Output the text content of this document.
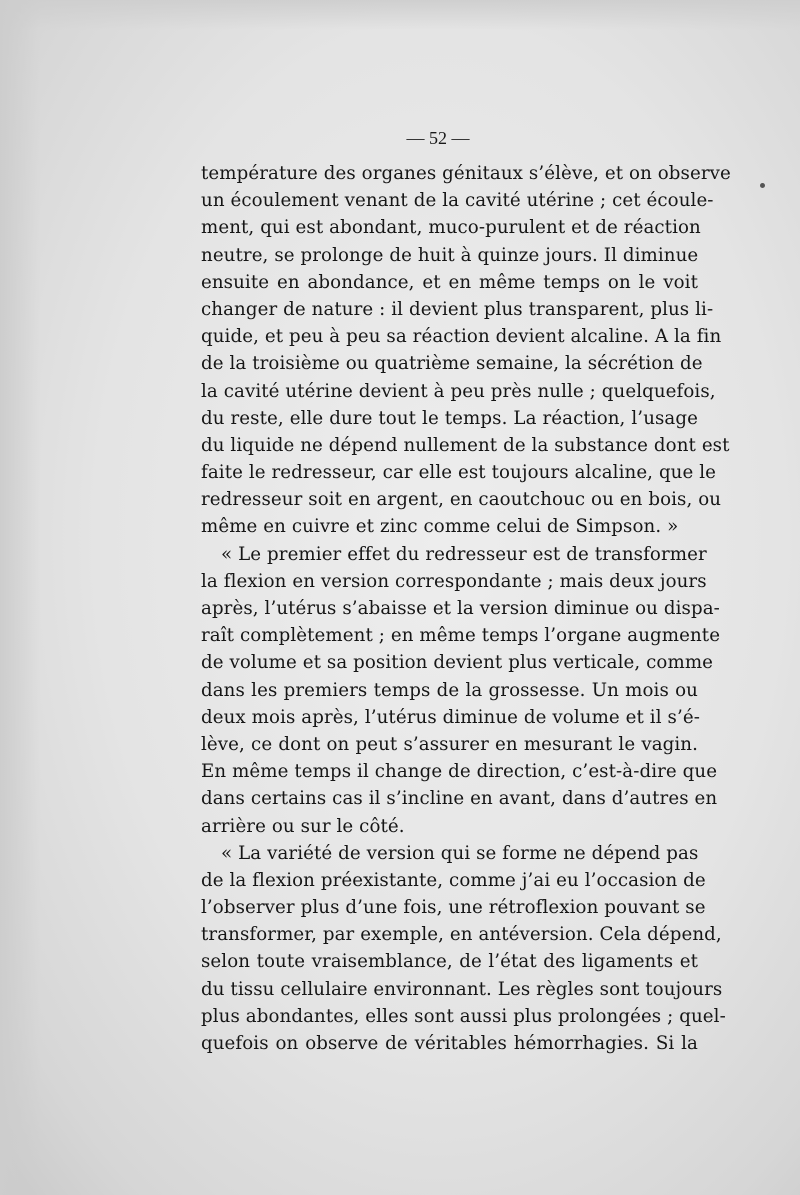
— 52 —
température des organes génitaux s’élève, et on observe
un écoulement venant de la cavité utérine ; cet écoule-
ment, qui est abondant, muco-purulent et de réaction
neutre, se prolonge de huit à quinze jours. Il diminue
ensuite en abondance, et en même temps on le voit
changer de nature : il devient plus transparent, plus li-
quide, et peu à peu sa réaction devient alcaline. A la fin
de la troisième ou quatrième semaine, la sécrétion de
la cavité utérine devient à peu près nulle ; quelquefois,
du reste, elle dure tout le temps. La réaction, l’usage
du liquide ne dépend nullement de la substance dont est
faite le redresseur, car elle est toujours alcaline, que le
redresseur soit en argent, en caoutchouc ou en bois, ou
même en cuivre et zinc comme celui de Simpson. »
« Le premier effet du redresseur est de transformer
la flexion en version correspondante ; mais deux jours
après, l’utérus s’abaisse et la version diminue ou dispa-
raît complètement ; en même temps l’organe augmente
de volume et sa position devient plus verticale, comme
dans les premiers temps de la grossesse. Un mois ou
deux mois après, l’utérus diminue de volume et il s’é-
lève, ce dont on peut s’assurer en mesurant le vagin.
En même temps il change de direction, c’est-à-dire que
dans certains cas il s’incline en avant, dans d’autres en
arrière ou sur le côté.
« La variété de version qui se forme ne dépend pas
de la flexion préexistante, comme j’ai eu l’occasion de
l’observer plus d’une fois, une rétroflexion pouvant se
transformer, par exemple, en antéversion. Cela dépend,
selon toute vraisemblance, de l’état des ligaments et
du tissu cellulaire environnant. Les règles sont toujours
plus abondantes, elles sont aussi plus prolongées ; quel-
quefois on observe de véritables hémorrhagies. Si la
